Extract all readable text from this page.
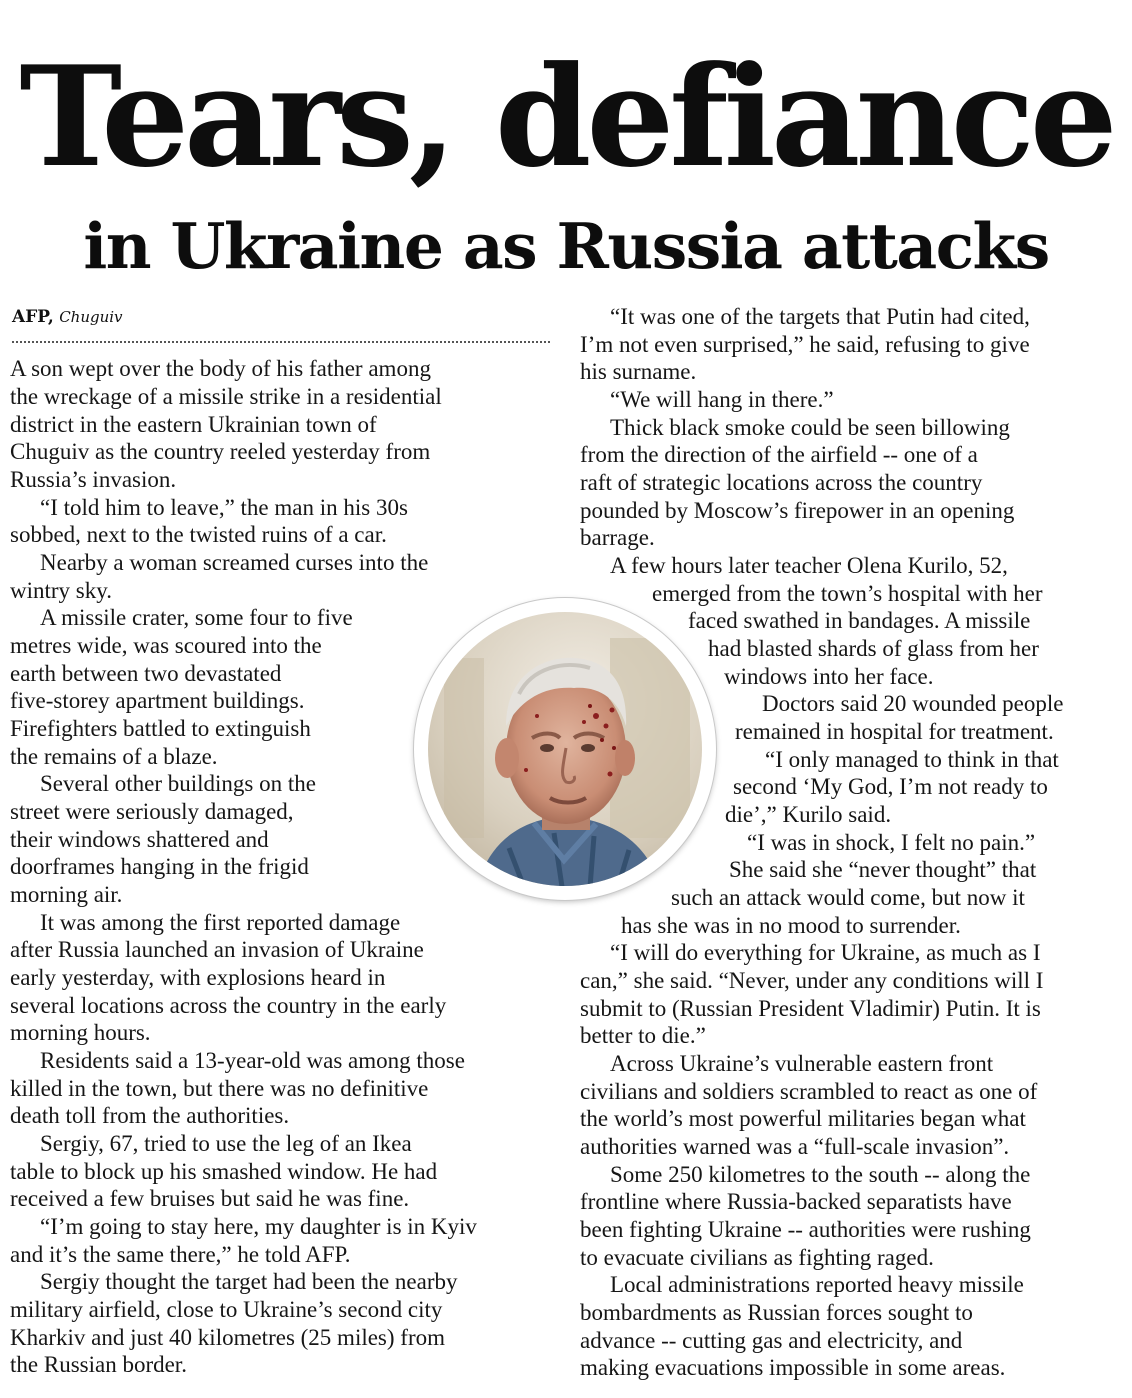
Tears, defiance
in Ukraine as Russia attacks
AFP, Chuguiv
A son wept over the body of his father among
the wreckage of a missile strike in a residential
district in the eastern Ukrainian town of
Chuguiv as the country reeled yesterday from
Russia’s invasion.
“I told him to leave,” the man in his 30s
sobbed, next to the twisted ruins of a car.
Nearby a woman screamed curses into the
wintry sky.
A missile crater, some four to five
metres wide, was scoured into the
earth between two devastated
five-storey apartment buildings.
Firefighters battled to extinguish
the remains of a blaze.
Several other buildings on the
street were seriously damaged,
their windows shattered and
doorframes hanging in the frigid
morning air.
It was among the first reported damage
after Russia launched an invasion of Ukraine
early yesterday, with explosions heard in
several locations across the country in the early
morning hours.
Residents said a 13-year-old was among those
killed in the town, but there was no definitive
death toll from the authorities.
Sergiy, 67, tried to use the leg of an Ikea
table to block up his smashed window. He had
received a few bruises but said he was fine.
“I’m going to stay here, my daughter is in Kyiv
and it’s the same there,” he told AFP.
Sergiy thought the target had been the nearby
military airfield, close to Ukraine’s second city
Kharkiv and just 40 kilometres (25 miles) from
the Russian border.
“It was one of the targets that Putin had cited,
I’m not even surprised,” he said, refusing to give
his surname.
“We will hang in there.”
Thick black smoke could be seen billowing
from the direction of the airfield -- one of a
raft of strategic locations across the country
pounded by Moscow’s firepower in an opening
barrage.
A few hours later teacher Olena Kurilo, 52,
emerged from the town’s hospital with her
faced swathed in bandages. A missile
had blasted shards of glass from her
windows into her face.
Doctors said 20 wounded people
remained in hospital for treatment.
“I only managed to think in that
second ‘My God, I’m not ready to
die’,” Kurilo said.
“I was in shock, I felt no pain.”
She said she “never thought” that
such an attack would come, but now it
has she was in no mood to surrender.
“I will do everything for Ukraine, as much as I
can,” she said. “Never, under any conditions will I
submit to (Russian President Vladimir) Putin. It is
better to die.”
Across Ukraine’s vulnerable eastern front
civilians and soldiers scrambled to react as one of
the world’s most powerful militaries began what
authorities warned was a “full-scale invasion”.
Some 250 kilometres to the south -- along the
frontline where Russia-backed separatists have
been fighting Ukraine -- authorities were rushing
to evacuate civilians as fighting raged.
Local administrations reported heavy missile
bombardments as Russian forces sought to
advance -- cutting gas and electricity, and
making evacuations impossible in some areas.
